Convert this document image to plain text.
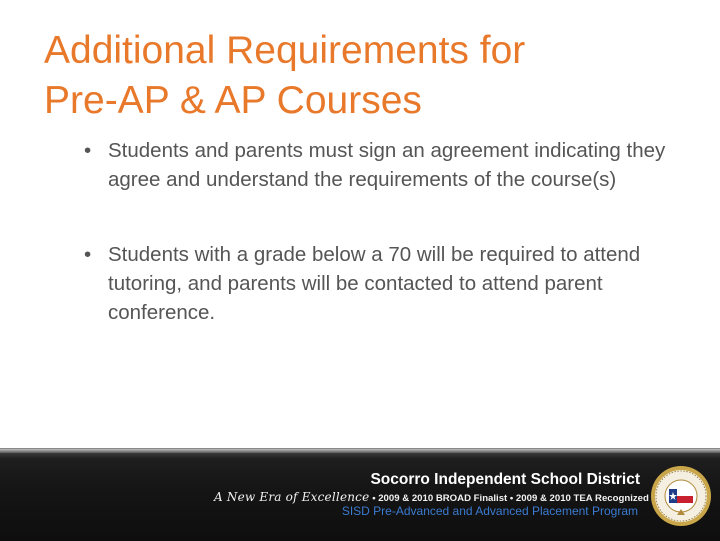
Additional Requirements for
Pre-AP & AP Courses
• Students and parents must sign an agreement indicating they agree and understand the requirements of the course(s)
• Students with a grade below a 70 will be required to attend tutoring, and parents will be contacted to attend parent conference.
Socorro Independent School District
A New Era of Excellence • 2009 & 2010 BROAD Finalist • 2009 & 2010 TEA Recognized
SISD Pre-Advanced and Advanced Placement Program
